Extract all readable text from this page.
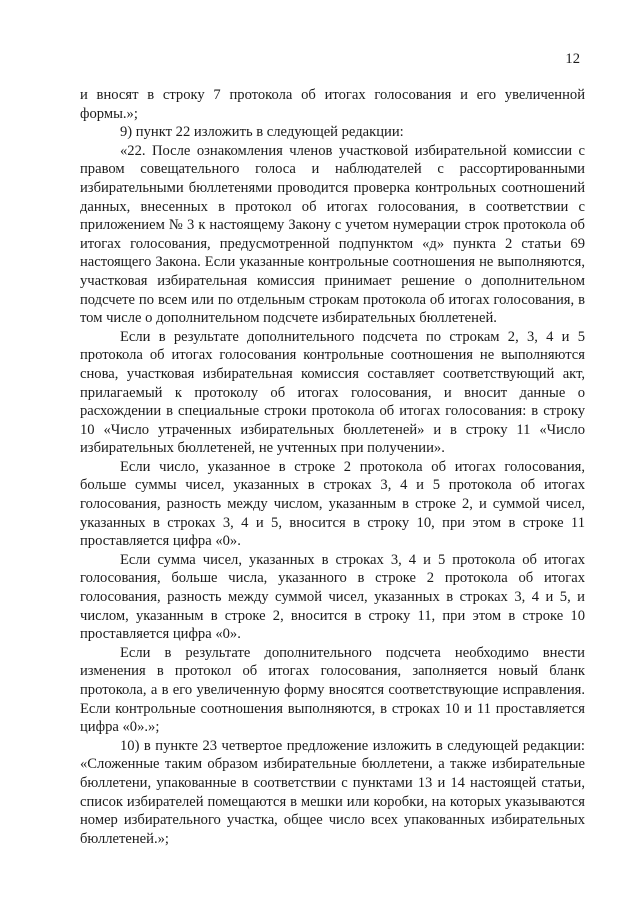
12

и вносят в строку 7 протокола об итогах голосования и его увеличенной формы.»;

9) пункт 22 изложить в следующей редакции:

«22. После ознакомления членов участковой избирательной комиссии с правом совещательного голоса и наблюдателей с рассортированными избирательными бюллетенями проводится проверка контрольных соотношений данных, внесенных в протокол об итогах голосования, в соответствии с приложением № 3 к настоящему Закону с учетом нумерации строк протокола об итогах голосования, предусмотренной подпунктом «д» пункта 2 статьи 69 настоящего Закона. Если указанные контрольные соотношения не выполняются, участковая избирательная комиссия принимает решение о дополнительном подсчете по всем или по отдельным строкам протокола об итогах голосования, в том числе о дополнительном подсчете избирательных бюллетеней.

Если в результате дополнительного подсчета по строкам 2, 3, 4 и 5 протокола об итогах голосования контрольные соотношения не выполняются снова, участковая избирательная комиссия составляет соответствующий акт, прилагаемый к протоколу об итогах голосования, и вносит данные о расхождении в специальные строки протокола об итогах голосования: в строку 10 «Число утраченных избирательных бюллетеней» и в строку 11 «Число избирательных бюллетеней, не учтенных при получении».

Если число, указанное в строке 2 протокола об итогах голосования, больше суммы чисел, указанных в строках 3, 4 и 5 протокола об итогах голосования, разность между числом, указанным в строке 2, и суммой чисел, указанных в строках 3, 4 и 5, вносится в строку 10, при этом в строке 11 проставляется цифра «0».

Если сумма чисел, указанных в строках 3, 4 и 5 протокола об итогах голосования, больше числа, указанного в строке 2 протокола об итогах голосования, разность между суммой чисел, указанных в строках 3, 4 и 5, и числом, указанным в строке 2, вносится в строку 11, при этом в строке 10 проставляется цифра «0».

Если в результате дополнительного подсчета необходимо внести изменения в протокол об итогах голосования, заполняется новый бланк протокола, а в его увеличенную форму вносятся соответствующие исправления. Если контрольные соотношения выполняются, в строках 10 и 11 проставляется цифра «0».»;

10) в пункте 23 четвертое предложение изложить в следующей редакции: «Сложенные таким образом избирательные бюллетени, а также избирательные бюллетени, упакованные в соответствии с пунктами 13 и 14 настоящей статьи, список избирателей помещаются в мешки или коробки, на которых указываются номер избирательного участка, общее число всех упакованных избирательных бюллетеней.»;
